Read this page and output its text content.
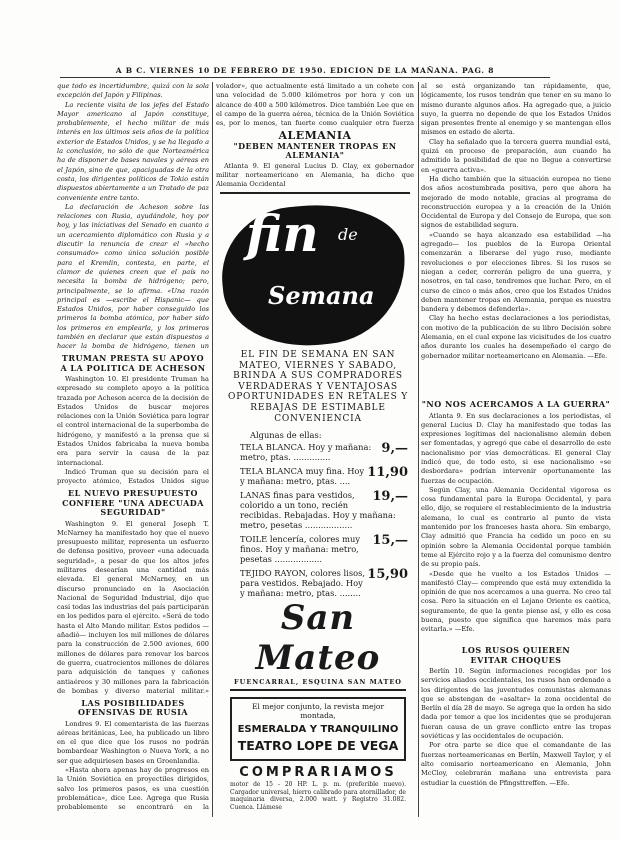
A B C. VIERNES 10 DE FEBRERO DE 1950. EDICION DE LA MAÑANA. PAG. 8

que todo es incertidumbre, quizá con la sola excepción del Japón y Filipinas.

La reciente visita de los jefes del Estado Mayor americano al Japón constituye, probablemente, el hecho militar de más interés en los últimos seis años de la política exterior de Estados Unidos, y se ha llegado a la conclusión, no sólo de que Norteamérica ha de disponer de bases navales y aéreas en el Japón, sino de que, apaciguadas de la otra costa, los dirigentes políticos de Tokio están dispuestos abiertamente a un Tratado de paz conveniente entre tanto.

La declaración de Acheson sobre las relaciones con Rusia, ayudándole, hoy por hoy, y las iniciativas del Senado en cuanto a un acercamiento diplomático con Rusia y a discutir la renuncia de crear el «hecho consumado» como única solución posible para el Kremlin, contesta, en parte, el clamor de quienes creen que el país no necesita la bomba de hidrógeno; pero, principalmente, se lo afirma. «Una razón principal es —escribe el Hispanic— que Estados Unidos, por haber conseguido los primeros la bomba atómica, por haber sido los primeros en emplearla, y los primeros también en declarar que están dispuestos a hacer la bomba de hidrógeno, tienen un

TRUMAN PRESTA SU APOYO A LA POLITICA DE ACHESON

Washington 10. El presidente Truman ha expresado su completo apoyo a la política trazada por Acheson acerca de la decisión de Estados Unidos de buscar mejores relaciones con la Unión Soviética para lograr el control internacional de la superbomba de hidrógeno, y manifestó a la prensa que si Estados Unidos fabricaba la nueva bomba era para servir la causa de la paz internacional.

Indicó Truman que su decisión para el proyecto atómico, Estados Unidos sigue

EL NUEVO PRESUPUESTO CONFIERE "UNA ADECUADA SEGURIDAD"

Washington 9. El general Joseph T. McNarney ha manifestado hoy que el nuevo presupuesto militar, representa un esfuerzo de defensa positivo, proveer «una adecuada seguridad», a pesar de que los altos jefes militares desearían una cantidad más elevada. El general McNarney, en un discurso pronunciado en la Asociación Nacional de Seguridad Industrial, dijo que casi todas las industrias del país participarán en los pedidos para el ejército. «Será de todo hasta el Alto Mando militar. Estos pedidos —añadió— incluyen los mil millones de dólares para la construcción de 2.500 aviones, 600 millones de dólares para renovar los barcos de guerra, cuatrocientos millones de dólares para adquisición de tanques y cañones antiaéreos y 30 millones para la fabricación de bombas y diverso material militar.»

LAS POSIBILIDADES OFENSIVAS DE RUSIA

Londres 9. El comentarista de las fuerzas aéreas británicas, Lee, ha publicado un libro en el que dice que los rusos no podrán bombardear Washington o Nueva York, a no ser que adquiriesen bases en Groenlandia.

«Hasta ahora apenas hay de progresos en la Unión Soviética en proyectiles dirigidos, salvo los primeros pasos, es una cuestión problemática», dice Lee. Agrega que Rusia probablemente se encontrará en la

volador», que actualmente está limitado a un cohete con una velocidad de 5.000 kilómetros por hora y con un alcance de 400 a 500 kilómetros. Dice también Lee que en el campo de la guerra aérea, técnica de la Unión Soviética es, por lo menos, tan fuerte como cualquier otra fuerza

ALEMANIA
"DEBEN MANTENER TROPAS EN ALEMANIA"

Atlanta 9. El general Lucius D. Clay, ex gobernador militar norteamericano en Alemania, ha dicho que Alemania Occidental

fin de
Semana
EL FIN DE SEMANA EN SAN MATEO, VIERNES Y SABADO, BRINDA A SUS COMPRADORES VERDADERAS Y VENTAJOSAS OPORTUNIDADES EN RETALES Y REBAJAS DE ESTIMABLE CONVENIENCIA
Algunas de ellas:
9,—
TELA BLANCA. Hoy y mañana: metro, ptas. ..............
11,90
TELA BLANCA muy fina. Hoy y mañana: metro, ptas. ....
19,—
LANAS finas para vestidos, colorido a un tono, recién recibidas. Rebajadas. Hoy y mañana: metro, pesetas ..................
15,—
TOILE lencería, colores muy finos. Hoy y mañana: metro, pesetas ..................
15,90
TEJIDO RAYON, colores lisos, para vestidos. Rebajado. Hoy y mañana: metro, ptas. ........
San Mateo
FUENCARRAL, ESQUINA SAN MATEO
El mejor conjunto, la revista mejor montada,
ESMERALDA Y TRANQUILINO
TEATRO LOPE DE VEGA
COMPRARIAMOS
motor de 15 - 20 HP. L. p. m. (preferible nuevo). Cargador universal, hierro calibrado para atornillador, de maquinaria diversa, 2.000 watt. y Registro 31.082. Cuenca. Llámese

al se está organizando tan rápidamente, que, lógicamente, los rusos tendrán que tener en su mano lo mismo durante algunos años. Ha agregado que, a juicio suyo, la guerra no depende de que los Estados Unidos sigan presentes frente al enemigo y se mantengan ellos mismos en estado de alerta.

Clay ha señalado que la tercera guerra mundial está, quizá en proceso de preparación, aun cuando ha admitido la posibilidad de que no llegue a convertirse en «guerra activa».

Ha dicho también que la situación europea no tiene dos años acostumbrada positiva, pero que ahora ha mejorado de modo notable, gracias al programa de reconstrucción europea y a la creación de la Unión Occidental de Europa y del Consejo de Europa, que son signos de estabilidad segura.

«Cuando se haya alcanzado esa estabilidad —ha agregado— los pueblos de la Europa Oriental comenzarán a liberarse del yugo ruso, mediante revoluciones o por elecciones libres. Si los rusos se niegan a ceder, correrán peligro de una guerra, y nosotros, en tal caso, tendremos que luchar. Pero, en el curso de cinco o más años, creo que los Estados Unidos deben mantener tropas en Alemania, porque es nuestra bandera y debemos defenderla».

Clay ha hecho estas declaraciones a los periodistas, con motivo de la publicación de su libro Decisión sobre Alemania, en el cual expone las vicisitudes de los cuatro años durante los cuales ha desempeñado el cargo de gobernador militar norteamericano en Alemania. —Efe.

"NO NOS ACERCAMOS A LA GUERRA"

Atlanta 9. En sus declaraciones a los periodistas, el general Lucius D. Clay ha manifestado que todas las expresiones legítimas del nacionalismo alemán deben ser fomentadas, y agregó que cabe el desarrollo de este nacionalismo por vías democráticas. El general Clay indicó que, de todo esto, si ese nacionalismo «se desbordara» podrían intervenir oportunamente las fuerzas de ocupación.

Según Clay, una Alemania Occidental vigorosa es cosa fundamental para la Europa Occidental, y para ello, dijo, se requiere el restablecimiento de la industria alemana, lo cual es contrario al punto de vista mantenido por los franceses hasta ahora. Sin embargo, Clay admitió que Francia ha cedido un poco en su opinión sobre la Alemania Occidental porque también teme al Ejército rojo y a la fuerza del comunismo dentro de su propio país.

«Desde que he vuelto a los Estados Unidos —manifestó Clay— comprendo que está muy extendida la opinión de que nos acercamos a una guerra. No creo tal cosa. Pero la situación en el Lejano Oriente es caótica, seguramente, de que la gente piense así, y ello es cosa buena, puesto que significa que haremos más para evitarla.» —Efe.

LOS RUSOS QUIEREN EVITAR CHOQUES

Berlín 10. Según informaciones recogidas por los servicios aliados occidentales, los rusos han ordenado a los dirigentes de las juventudes comunistas alemanas que se abstengan de «asaltar» la zona occidental de Berlín el día 28 de mayo. Se agrega que la orden ha sido dada por temor a que los incidentes que se produjeran fueran causa de un grave conflicto entre las tropas soviéticas y las occidentales de ocupación.

Por otra parte se dice que el comandante de las fuerzas norteamericanas en Berlín, Maxwell Taylor, y el alto comisario norteamericano en Alemania, John McCloy, celebrarán mañana una entrevista para estudiar la cuestión de Pfingsttreffen. —Efe.
